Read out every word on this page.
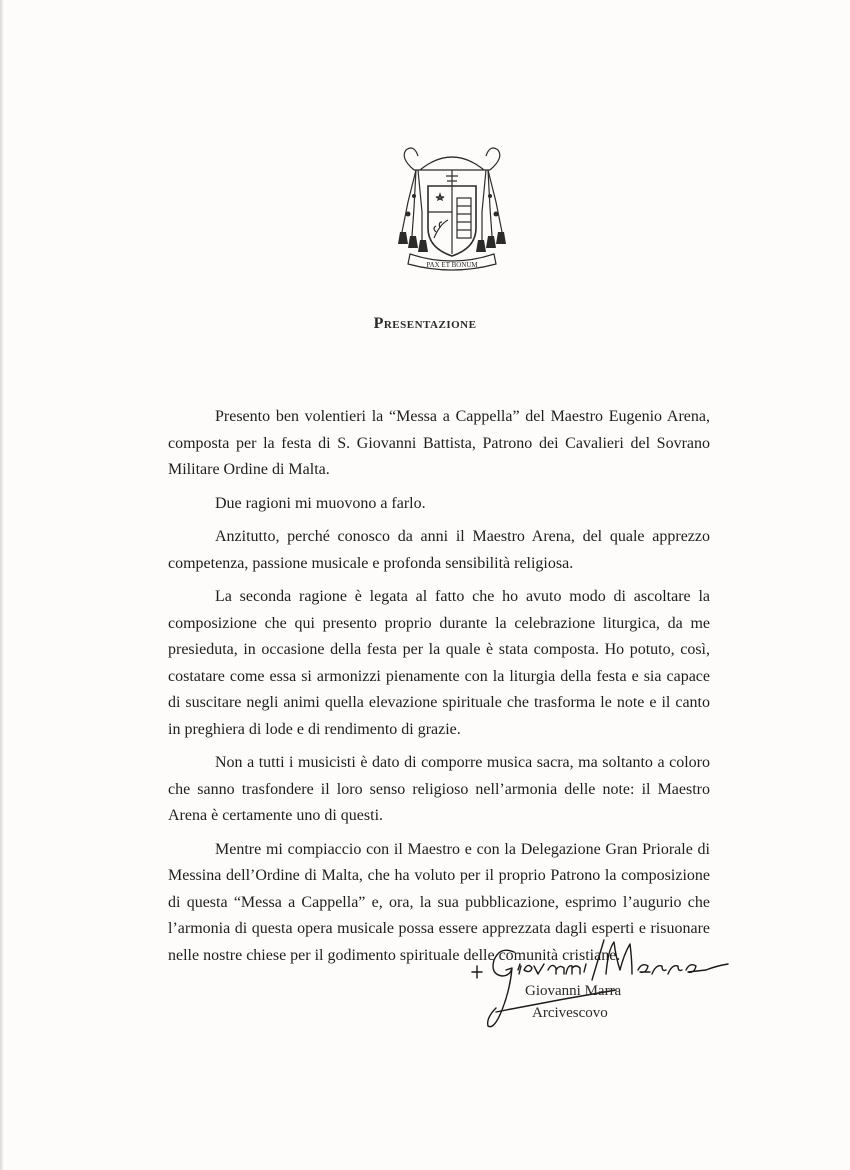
PAX ET BONUM
Presentazione

Presento ben volentieri la “Messa a Cappella” del Maestro Eugenio Arena, composta per la festa di S. Giovanni Battista, Patrono dei Cavalieri del Sovrano Militare Ordine di Malta.

Due ragioni mi muovono a farlo.

Anzitutto, perché conosco da anni il Maestro Arena, del quale apprezzo competenza, passione musicale e profonda sensibilità religiosa.

La seconda ragione è legata al fatto che ho avuto modo di ascoltare la composizione che qui presento proprio durante la celebrazione liturgica, da me presieduta, in occasione della festa per la quale è stata composta. Ho potuto, così, costatare come essa si armonizzi pienamente con la liturgia della festa e sia capace di suscitare negli animi quella elevazione spirituale che trasforma le note e il canto in preghiera di lode e di rendimento di grazie.

Non a tutti i musicisti è dato di comporre musica sacra, ma soltanto a coloro che sanno trasfondere il loro senso religioso nell’armonia delle note: il Maestro Arena è certamente uno di questi.

Mentre mi compiaccio con il Maestro e con la Delegazione Gran Priorale di Messina dell’Ordine di Malta, che ha voluto per il proprio Patrono la composizione di questa “Messa a Cappella” e, ora, la sua pubblicazione, esprimo l’augurio che l’armonia di questa opera musicale possa essere apprezzata dagli esperti e risuonare nelle nostre chiese per il godimento spirituale delle comunità cristiane.

Giovanni Marra
Arcivescovo
